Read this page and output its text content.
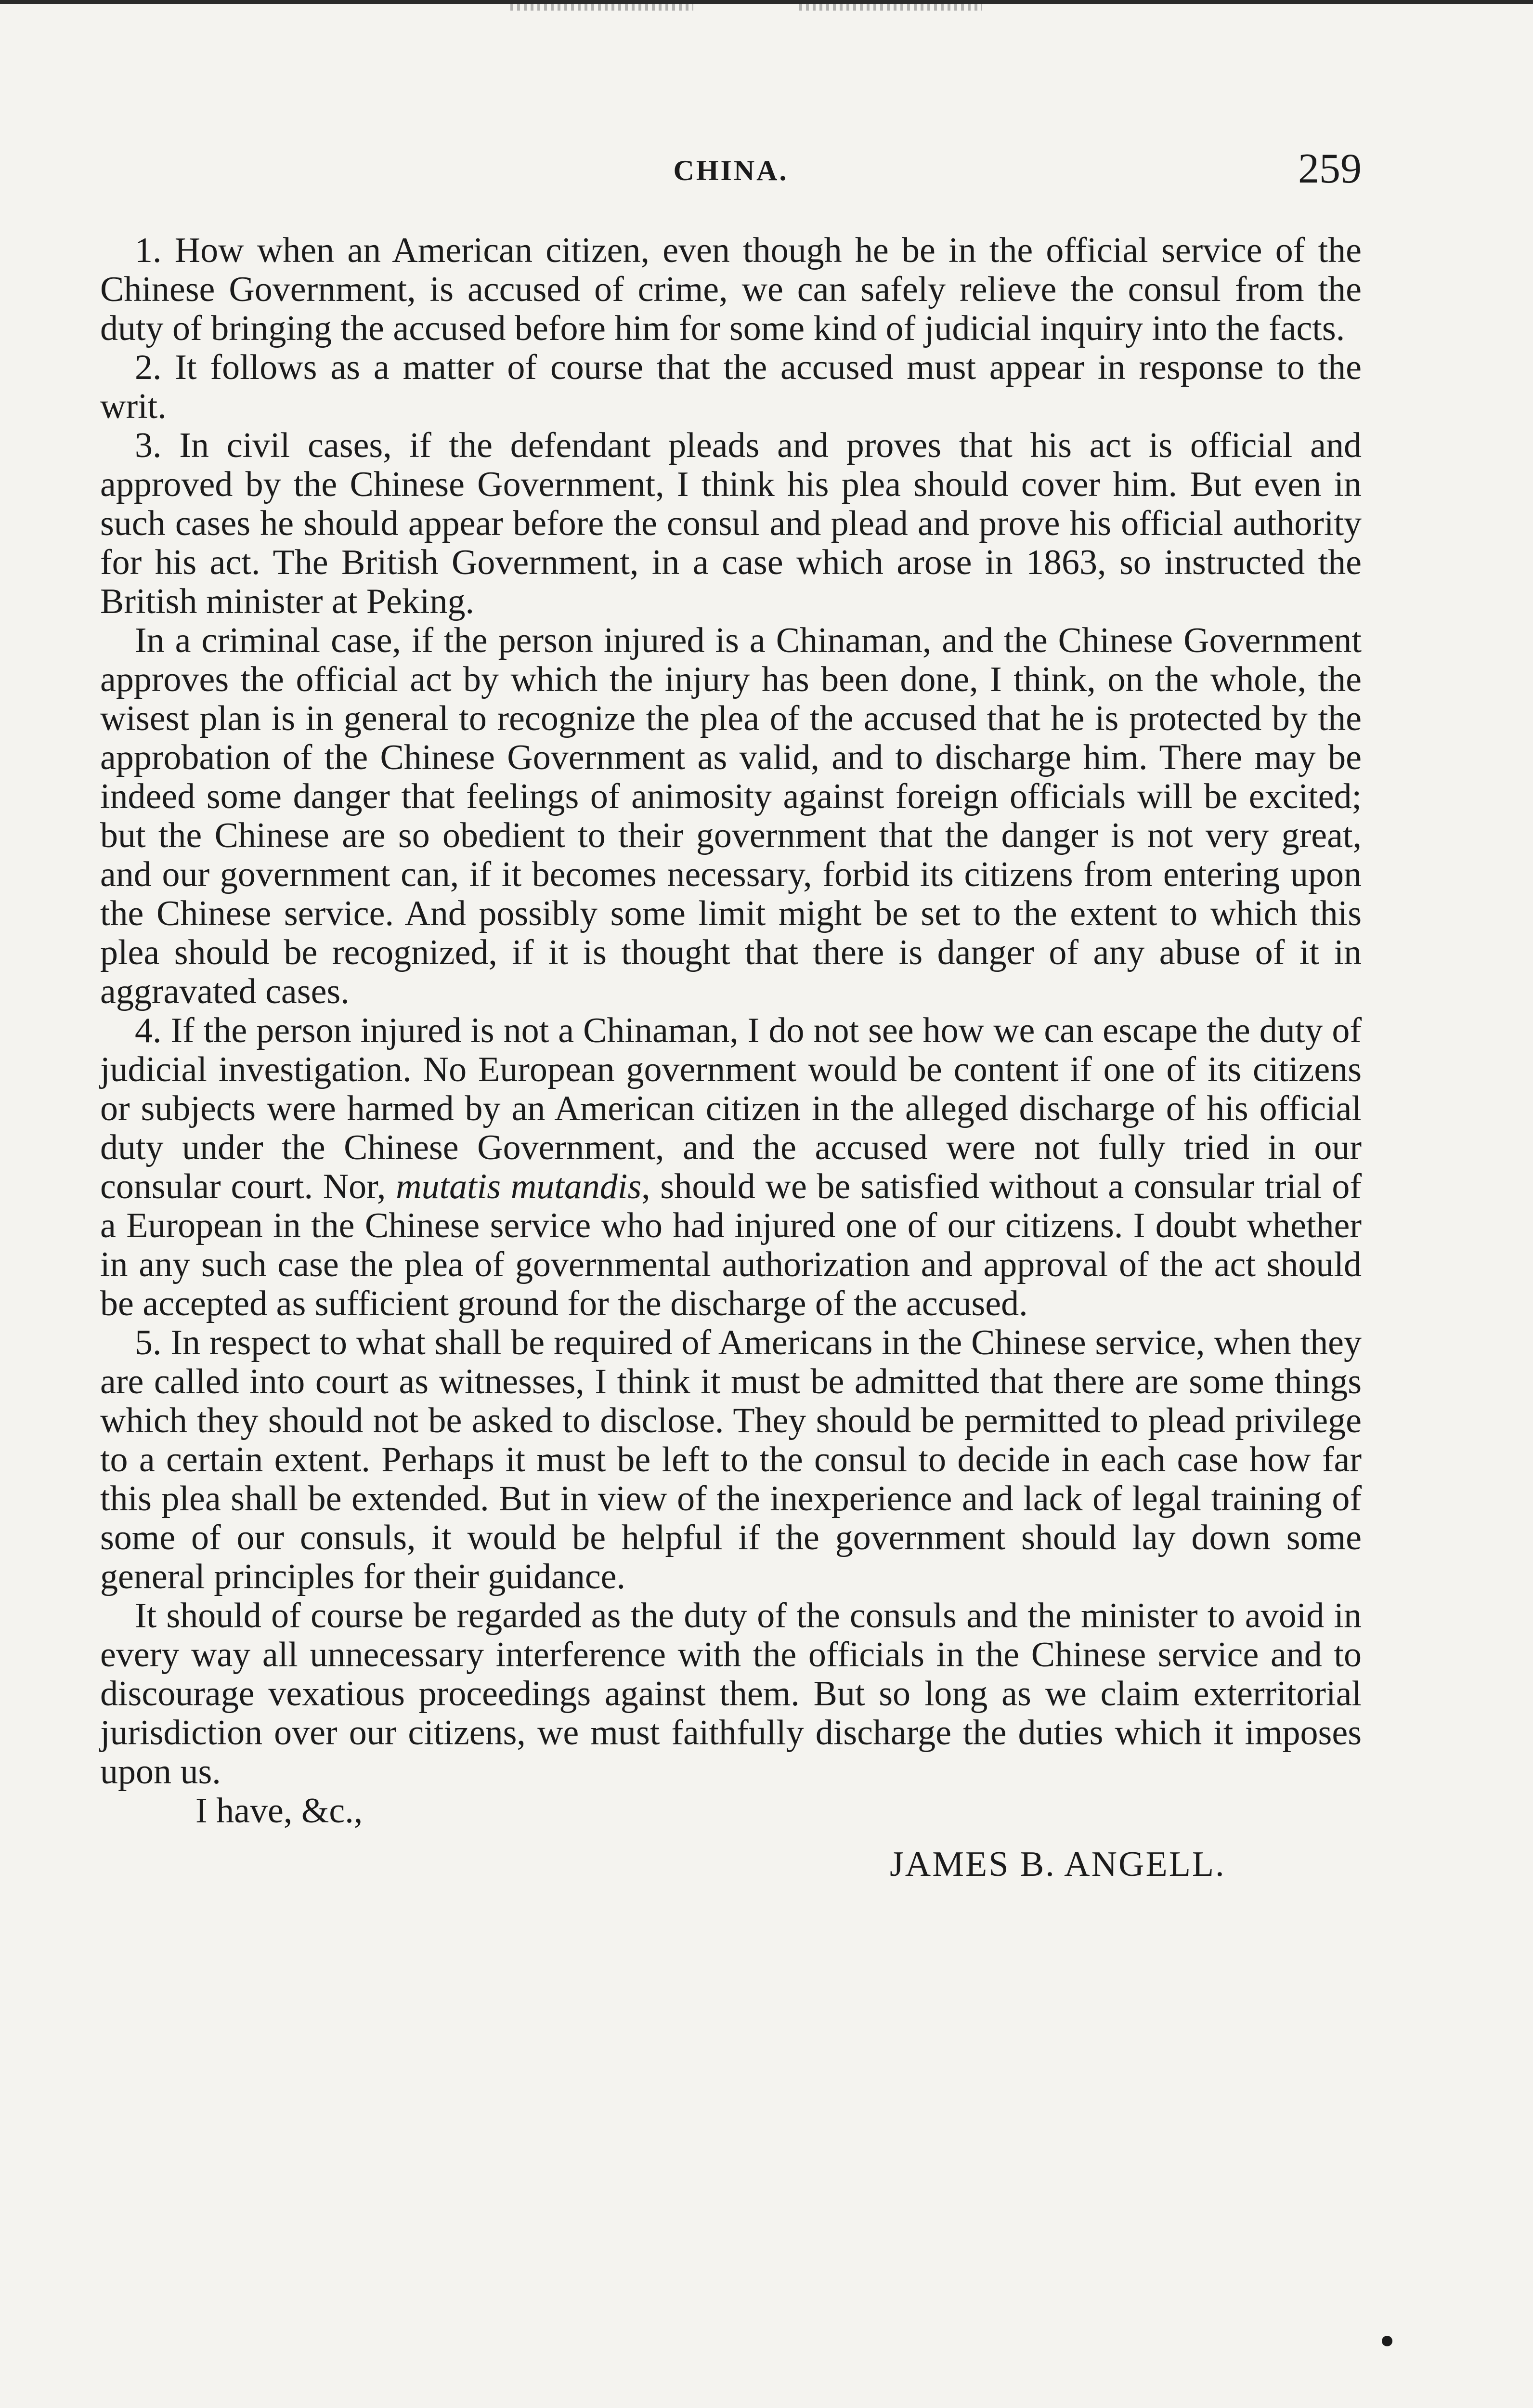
CHINA.	259

1. How when an American citizen, even though he be in the official service of the Chinese Government, is accused of crime, we can safely relieve the consul from the duty of bringing the accused before him for some kind of judicial inquiry into the facts.

2. It follows as a matter of course that the accused must appear in response to the writ.

3. In civil cases, if the defendant pleads and proves that his act is official and approved by the Chinese Government, I think his plea should cover him. But even in such cases he should appear before the consul and plead and prove his official authority for his act. The British Government, in a case which arose in 1863, so instructed the British minister at Peking.

In a criminal case, if the person injured is a Chinaman, and the Chinese Government approves the official act by which the injury has been done, I think, on the whole, the wisest plan is in general to recognize the plea of the accused that he is protected by the approbation of the Chinese Government as valid, and to discharge him. There may be indeed some danger that feelings of animosity against foreign officials will be excited; but the Chinese are so obedient to their government that the danger is not very great, and our government can, if it becomes necessary, forbid its citizens from entering upon the Chinese service. And possibly some limit might be set to the extent to which this plea should be recognized, if it is thought that there is danger of any abuse of it in aggravated cases.

4. If the person injured is not a Chinaman, I do not see how we can escape the duty of judicial investigation. No European government would be content if one of its citizens or subjects were harmed by an American citizen in the alleged discharge of his official duty under the Chinese Government, and the accused were not fully tried in our consular court. Nor, mutatis mutandis, should we be satisfied without a consular trial of a European in the Chinese service who had injured one of our citizens. I doubt whether in any such case the plea of governmental authorization and approval of the act should be accepted as sufficient ground for the discharge of the accused.

5. In respect to what shall be required of Americans in the Chinese service, when they are called into court as witnesses, I think it must be admitted that there are some things which they should not be asked to disclose. They should be permitted to plead privilege to a certain extent. Perhaps it must be left to the consul to decide in each case how far this plea shall be extended. But in view of the inexperience and lack of legal training of some of our consuls, it would be helpful if the government should lay down some general principles for their guidance.

It should of course be regarded as the duty of the consuls and the minister to avoid in every way all unnecessary interference with the officials in the Chinese service and to discourage vexatious proceedings against them. But so long as we claim exterritorial jurisdiction over our citizens, we must faithfully discharge the duties which it imposes upon us.

I have, &c.,

JAMES B. ANGELL.
